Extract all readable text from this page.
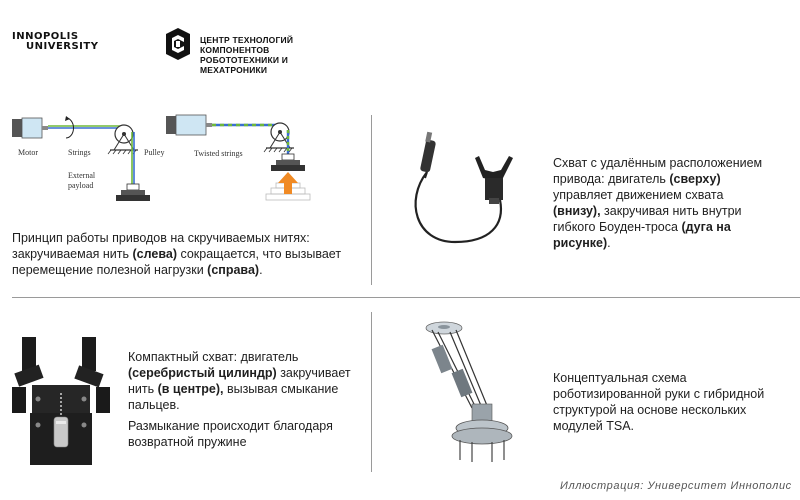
INNOPOLIS
UNIVERSITY
ЦЕНТР ТЕХНОЛОГИЙ КОМПОНЕНТОВ
РОБОТОТЕХНИКИ И МЕХАТРОНИКИ
Motor	Strings	Pulley
External
payload
Twisted strings
Принцип работы приводов на скручиваемых нитях: закручиваемая нить (слева) сокращается, что вызывает перемещение полезной нагрузки (справа).
Схват с удалённым расположением привода: двигатель (сверху) управляет движением схвата (внизу), закручивая нить внутри гибкого Боуден-троса (дуга на рисунке).
Компактный схват: двигатель (серебристый цилиндр) закручивает нить (в центре), вызывая смыкание пальцев.
Размыкание происходит благодаря возвратной пружине
Концептуальная схема роботизированной руки с гибридной структурой на основе нескольких модулей TSA.
Иллюстрация: Университет Иннополис
